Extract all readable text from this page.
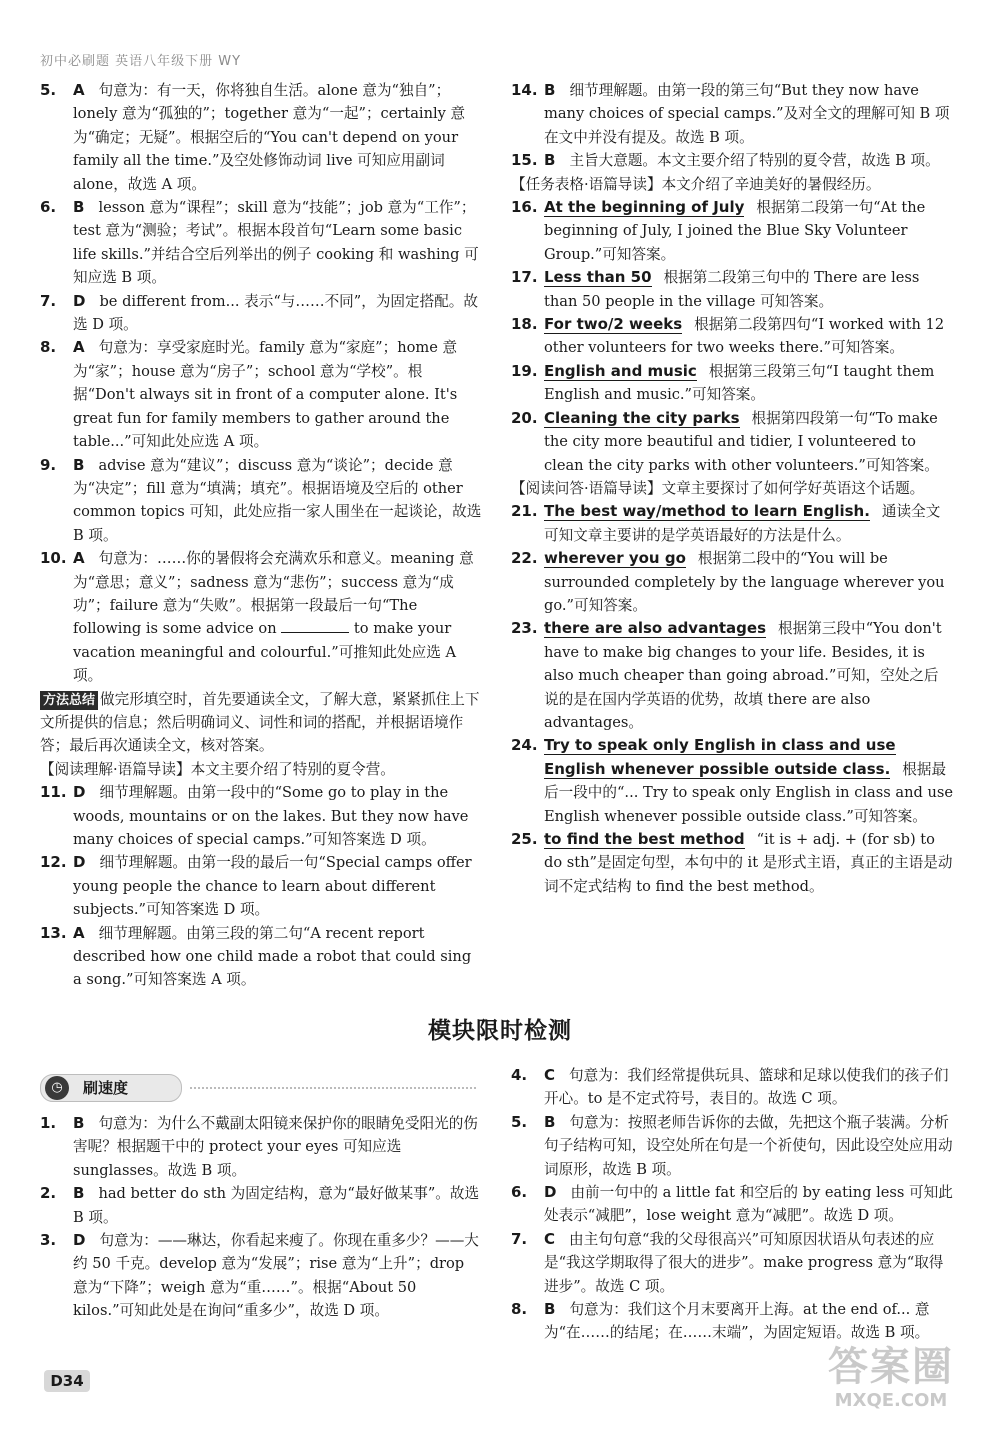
初中必刷题 英语八年级下册 WY
5. A 句意为：有一天，你将独自生活。alone 意为“独自”；lonely 意为“孤独的”；together 意为“一起”；certainly 意为“确定；无疑”。根据空后的“You can't depend on your family all the time.”及空处修饰动词 live 可知应用副词 alone，故选 A 项。
6. B lesson 意为“课程”；skill 意为“技能”；job 意为“工作”；test 意为“测验；考试”。根据本段首句“Learn some basic life skills.”并结合空后列举出的例子 cooking 和 washing 可知应选 B 项。
7. D be different from... 表示“与……不同”，为固定搭配。故选 D 项。
8. A 句意为：享受家庭时光。family 意为“家庭”；home 意为“家”；house 意为“房子”；school 意为“学校”。根据“Don't always sit in front of a computer alone. It's great fun for family members to gather around the table...”可知此处应选 A 项。
9. B advise 意为“建议”；discuss 意为“谈论”；decide 意为“决定”；fill 意为“填满；填充”。根据语境及空后的 other common topics 可知，此处应指一家人围坐在一起谈论，故选 B 项。
10. A 句意为：……你的暑假将会充满欢乐和意义。meaning 意为“意思；意义”；sadness 意为“悲伤”；success 意为“成功”；failure 意为“失败”。根据第一段最后一句“The following is some advice on	to make your vacation meaningful and colourful.”可推知此处应选 A 项。

方法总结 做完形填空时，首先要通读全文，了解大意，紧紧抓住上下文所提供的信息；然后明确词义、词性和词的搭配，并根据语境作答；最后再次通读全文，核对答案。

【阅读理解·语篇导读】本文主要介绍了特别的夏令营。

11. D 细节理解题。由第一段中的“Some go to play in the woods, mountains or on the lakes. But they now have many choices of special camps.”可知答案选 D 项。
12. D 细节理解题。由第一段的最后一句“Special camps offer young people the chance to learn about different subjects.”可知答案选 D 项。
13. A 细节理解题。由第三段的第二句“A recent report described how one child made a robot that could sing a song.”可知答案选 A 项。
14. B 细节理解题。由第一段的第三句“But they now have many choices of special camps.”及对全文的理解可知 B 项在文中并没有提及。故选 B 项。
15. B 主旨大意题。本文主要介绍了特别的夏令营，故选 B 项。

【任务表格·语篇导读】本文介绍了辛迪美好的暑假经历。

16. At the beginning of July 根据第二段第一句“At the beginning of July, I joined the Blue Sky Volunteer Group.”可知答案。
17. Less than 50 根据第二段第三句中的 There are less than 50 people in the village 可知答案。
18. For two/2 weeks 根据第二段第四句“I worked with 12 other volunteers for two weeks there.”可知答案。
19. English and music 根据第三段第三句“I taught them English and music.”可知答案。
20. Cleaning the city parks 根据第四段第一句“To make the city more beautiful and tidier, I volunteered to clean the city parks with other volunteers.”可知答案。

【阅读问答·语篇导读】文章主要探讨了如何学好英语这个话题。

21. The best way/method to learn English. 通读全文可知文章主要讲的是学英语最好的方法是什么。
22. wherever you go 根据第二段中的“You will be surrounded completely by the language wherever you go.”可知答案。
23. there are also advantages 根据第三段中“You don't have to make big changes to your life. Besides, it is also much cheaper than going abroad.”可知，空处之后说的是在国内学英语的优势，故填 there are also advantages。
24. Try to speak only English in class and use English whenever possible outside class. 根据最后一段中的“... Try to speak only English in class and use English whenever possible outside class.”可知答案。
25. to find the best method “it is + adj. + (for sb) to do sth”是固定句型，本句中的 it 是形式主语，真正的主语是动词不定式结构 to find the best method。
模块限时检测
◷	刷速度
1. B 句意为：为什么不戴副太阳镜来保护你的眼睛免受阳光的伤害呢？根据题干中的 protect your eyes 可知应选 sunglasses。故选 B 项。
2. B had better do sth 为固定结构，意为“最好做某事”。故选 B 项。
3. D 句意为：——琳达，你看起来瘦了。你现在重多少？——大约 50 千克。develop 意为“发展”；rise 意为“上升”；drop 意为“下降”；weigh 意为“重……”。根据“About 50 kilos.”可知此处是在询问“重多少”，故选 D 项。
4. C 句意为：我们经常提供玩具、篮球和足球以使我们的孩子们开心。to 是不定式符号，表目的。故选 C 项。
5. B 句意为：按照老师告诉你的去做，先把这个瓶子装满。分析句子结构可知，设空处所在句是一个祈使句，因此设空处应用动词原形，故选 B 项。
6. D 由前一句中的 a little fat 和空后的 by eating less 可知此处表示“减肥”，lose weight 意为“减肥”。故选 D 项。
7. C 由主句句意“我的父母很高兴”可知原因状语从句表述的应是“我这学期取得了很大的进步”。make progress 意为“取得进步”。故选 C 项。
8. B 句意为：我们这个月末要离开上海。at the end of... 意为“在……的结尾；在……末端”，为固定短语。故选 B 项。
D34	答案圈
MXQE.COM
